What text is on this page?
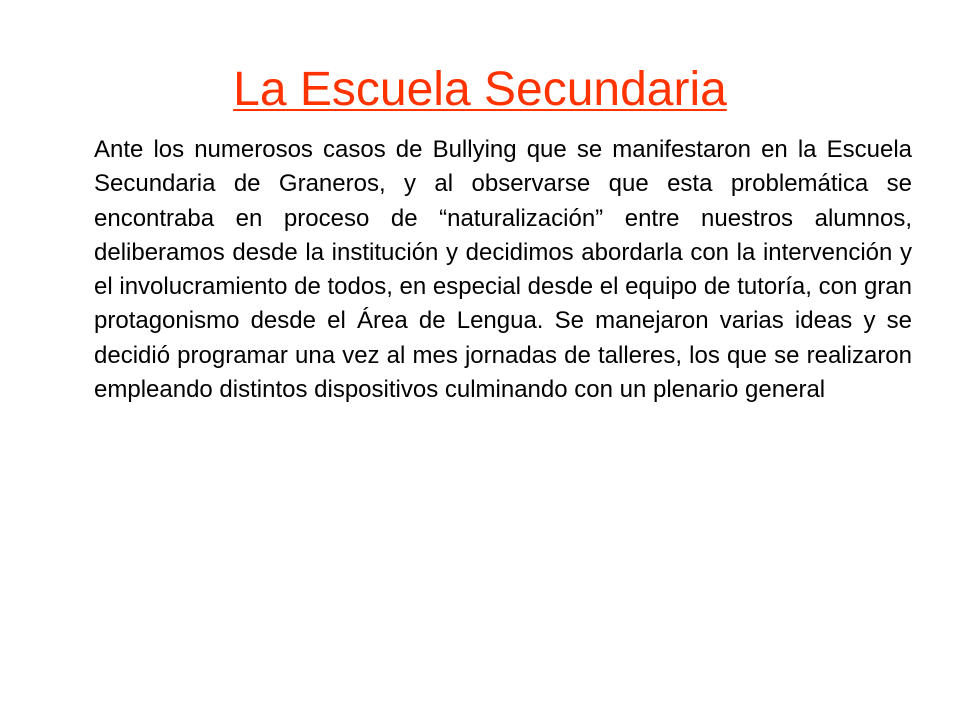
La Escuela Secundaria

Ante los numerosos casos de Bullying que se manifestaron en la Escuela Secundaria de Graneros, y al observarse que esta problemática se encontraba en proceso de “naturalización” entre nuestros alumnos, deliberamos desde la institución y decidimos abordarla con la intervención y el involucramiento de todos, en especial desde el equipo de tutoría, con gran protagonismo desde el Área de Lengua. Se manejaron varias ideas y se decidió programar una vez al mes jornadas de talleres, los que se realizaron empleando distintos dispositivos culminando con un plenario general
